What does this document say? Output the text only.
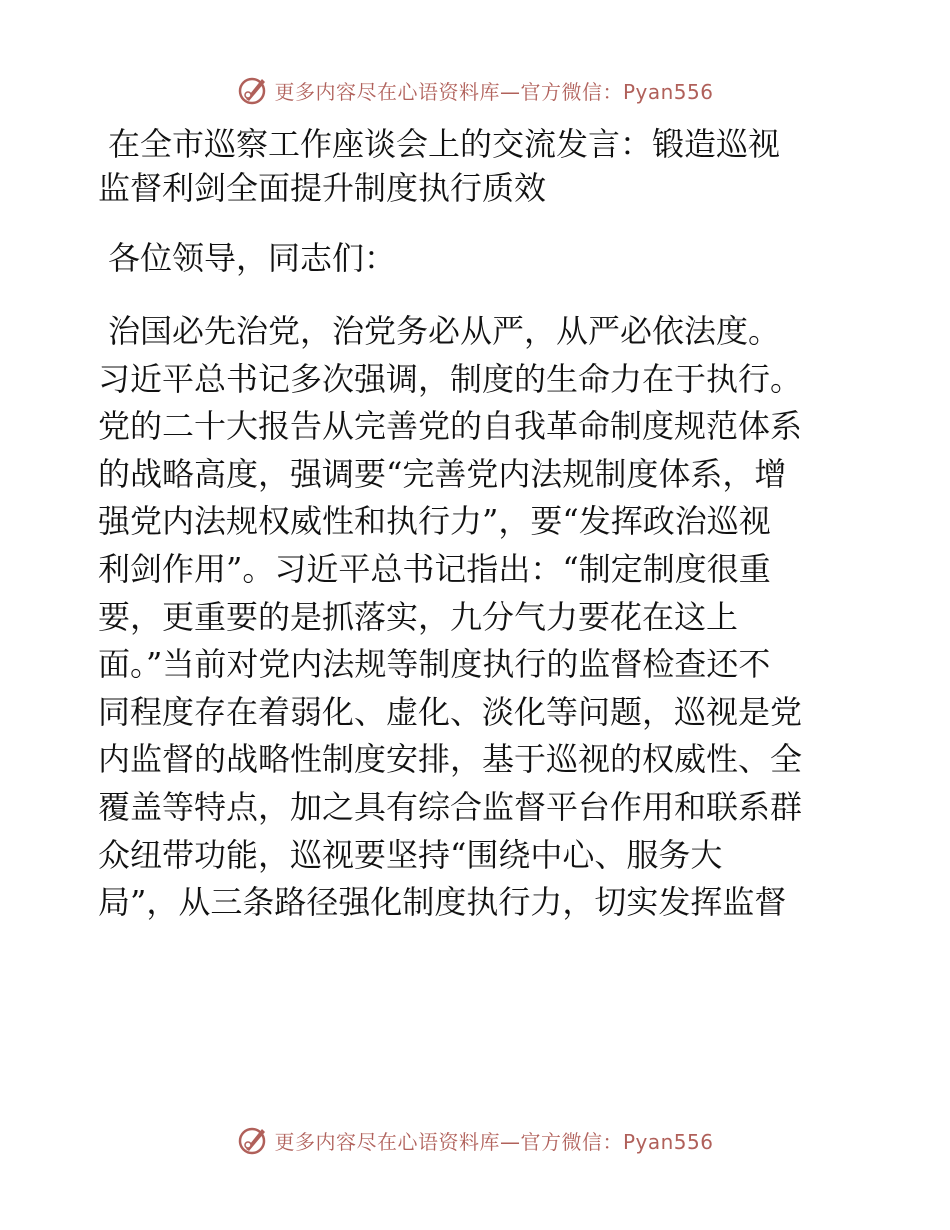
更多内容尽在心语资料库—官方微信：Pyan556

在全市巡察工作座谈会上的交流发言：锻造巡视

监督利剑全面提升制度执行质效

各位领导，同志们：

治国必先治党，治党务必从严，从严必依法度。

习近平总书记多次强调，制度的生命力在于执行。

党的二十大报告从完善党的自我革命制度规范体系

的战略高度，强调要“完善党内法规制度体系，增

强党内法规权威性和执行力”，要“发挥政治巡视

利剑作用”。习近平总书记指出：“制定制度很重

要，更重要的是抓落实，九分气力要花在这上

面。”当前对党内法规等制度执行的监督检查还不

同程度存在着弱化、虚化、淡化等问题，巡视是党

内监督的战略性制度安排，基于巡视的权威性、全

覆盖等特点，加之具有综合监督平台作用和联系群

众纽带功能，巡视要坚持“围绕中心、服务大

局”，从三条路径强化制度执行力，切实发挥监督

更多内容尽在心语资料库—官方微信：Pyan556
